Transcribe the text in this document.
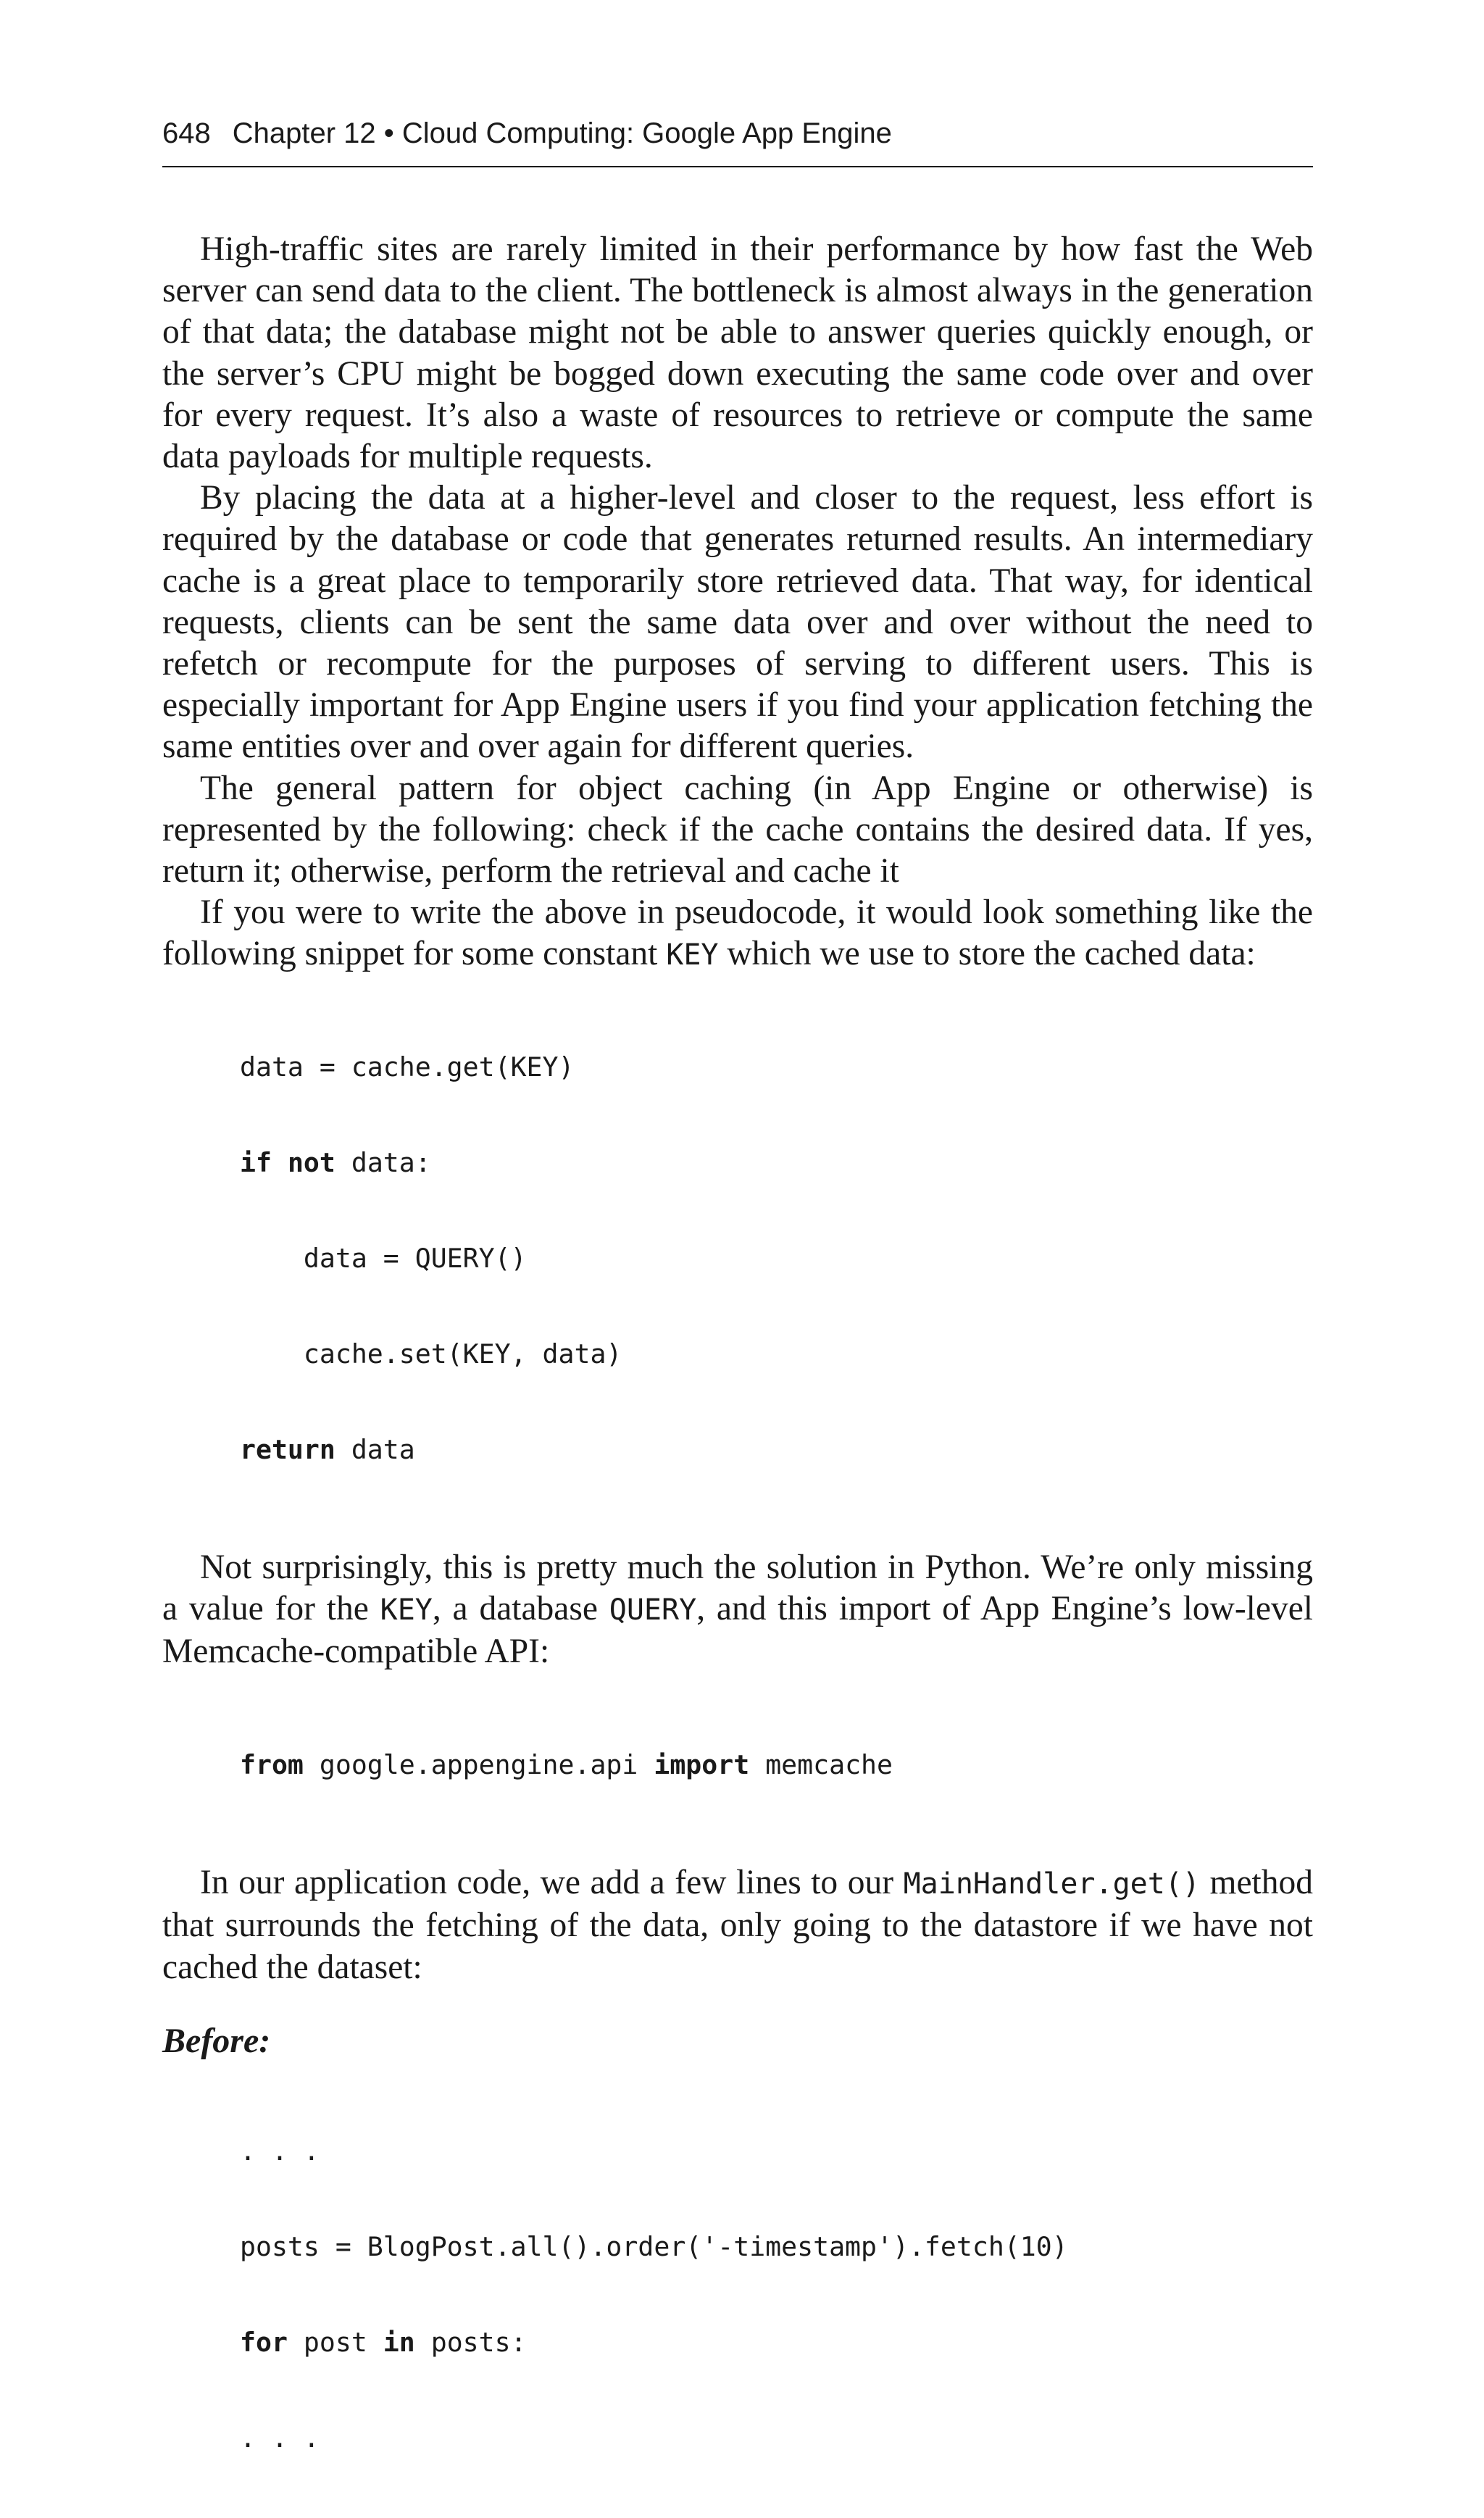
648 Chapter 12 • Cloud Computing: Google App Engine

High-traffic sites are rarely limited in their performance by how fast the Web server can send data to the client. The bottleneck is almost always in the generation of that data; the database might not be able to answer queries quickly enough, or the server’s CPU might be bogged down executing the same code over and over for every request. It’s also a waste of resources to retrieve or compute the same data payloads for multiple requests.

By placing the data at a higher-level and closer to the request, less effort is required by the database or code that generates returned results. An intermediary cache is a great place to temporarily store retrieved data. That way, for identical requests, clients can be sent the same data over and over without the need to refetch or recompute for the purposes of serving to different users. This is especially important for App Engine users if you find your application fetching the same entities over and over again for different queries.

The general pattern for object caching (in App Engine or otherwise) is represented by the following: check if the cache contains the desired data. If yes, return it; otherwise, perform the retrieval and cache it

If you were to write the above in pseudocode, it would look something like the following snippet for some constant KEY which we use to store the cached data:

data = cache.get(KEY)

if not data:

data = QUERY()

cache.set(KEY, data)

return data

Not surprisingly, this is pretty much the solution in Python. We’re only missing a value for the KEY, a database QUERY, and this import of App Engine’s low-level Memcache-compatible API:

from google.appengine.api import memcache

In our application code, we add a few lines to our MainHandler.get() method that surrounds the fetching of the data, only going to the datastore if we have not cached the dataset:

Before:

. . .

posts = BlogPost.all().order('-timestamp').fetch(10)

for post in posts:

. . .
